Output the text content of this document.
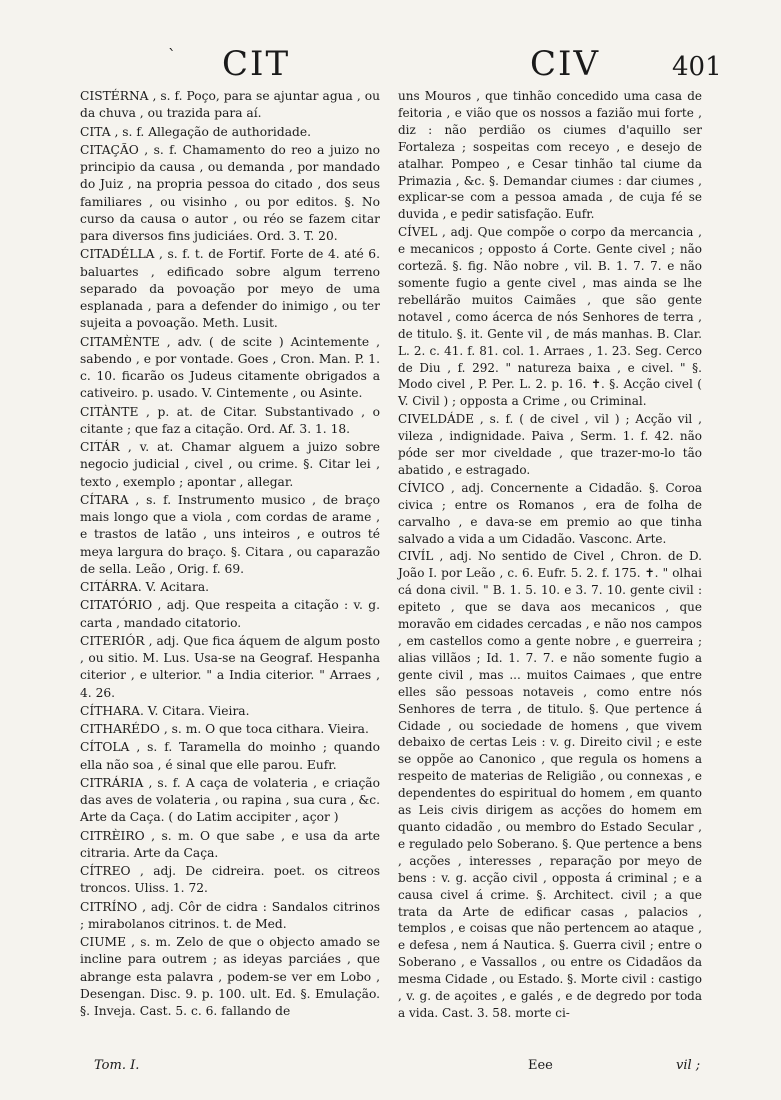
` CIT	CIV	401
CISTÉRNA , s. f. Poço, para se ajuntar agua , ou da chuva , ou trazida para aí.
CITA , s. f. Allegação de authoridade.
CITAÇÃO , s. f. Chamamento do reo a juizo no principio da causa , ou demanda , por mandado do Juiz , na propria pessoa do citado , dos seus familiares , ou visinho , ou por editos. §. No curso da causa o autor , ou réo se fazem citar para diversos fins judiciáes. Ord. 3. T. 20.
CITADÉLLA , s. f. t. de Fortif. Forte de 4. até 6. baluartes , edificado sobre algum terreno separado da povoação por meyo de uma esplanada , para a defender do inimigo , ou ter sujeita a povoação. Meth. Lusit.
CITAMÈNTE , adv. ( de scite ) Acintemente , sabendo , e por vontade. Goes , Cron. Man. P. 1. c. 10. ficarão os Judeus citamente obrigados a cativeiro. p. usado. V. Cintemente , ou Asinte.
CITÀNTE , p. at. de Citar. Substantivado , o citante ; que faz a citação. Ord. Af. 3. 1. 18.
CITÁR , v. at. Chamar alguem a juizo sobre negocio judicial , civel , ou crime. §. Citar lei , texto , exemplo ; apontar , allegar.
CÍTARA , s. f. Instrumento musico , de braço mais longo que a viola , com cordas de arame , e trastos de latão , uns inteiros , e outros té meya largura do braço. §. Citara , ou caparazão de sella. Leão , Orig. f. 69.
CITÁRRA. V. Acitara.
CITATÓRIO , adj. Que respeita a citação : v. g. carta , mandado citatorio.
CITERIÓR , adj. Que fica áquem de algum posto , ou sitio. M. Lus. Usa-se na Geograf. Hespanha citerior , e ulterior. " a India citerior. " Arraes , 4. 26.
CÍTHARA. V. Citara. Vieira.
CITHARÉDO , s. m. O que toca cithara. Vieira.
CÍTOLA , s. f. Taramella do moinho ; quando ella não soa , é sinal que elle parou. Eufr.
CITRÁRIA , s. f. A caça de volateria , e criação das aves de volateria , ou rapina , sua cura , &c. Arte da Caça. ( do Latim accipiter , açor )
CITRÈIRO , s. m. O que sabe , e usa da arte citraria. Arte da Caça.
CÍTREO , adj. De cidreira. poet. os citreos troncos. Uliss. 1. 72.
CITRÍNO , adj. Côr de cidra : Sandalos citrinos ; mirabolanos citrinos. t. de Med.
CIUME , s. m. Zelo de que o objecto amado se incline para outrem ; as ideyas parciáes , que abrange esta palavra , podem-se ver em Lobo , Desengan. Disc. 9. p. 100. ult. Ed. §. Emulação. §. Inveja. Cast. 5. c. 6. fallando de
uns Mouros , que tinhão concedido uma casa de feitoria , e vião que os nossos a fazião mui forte , diz : não perdião os ciumes d'aquillo ser Fortaleza ; sospeitas com receyo , e desejo de atalhar. Pompeo , e Cesar tinhão tal ciume da Primazia , &c. §. Demandar ciumes : dar ciumes , explicar-se com a pessoa amada , de cuja fé se duvida , e pedir satisfação. Eufr.
CÍVEL , adj. Que compõe o corpo da mercancia , e mecanicos ; opposto á Corte. Gente civel ; não cortezã. §. fig. Não nobre , vil. B. 1. 7. 7. e não somente fugio a gente civel , mas ainda se lhe rebellárão muitos Caimães , que são gente notavel , como ácerca de nós Senhores de terra , de titulo. §. it. Gente vil , de más manhas. B. Clar. L. 2. c. 41. f. 81. col. 1. Arraes , 1. 23. Seg. Cerco de Diu , f. 292. " natureza baixa , e civel. " §. Modo civel , P. Per. L. 2. p. 16. ✝. §. Acção civel ( V. Civil ) ; opposta a Crime , ou Criminal.
CIVELDÁDE , s. f. ( de civel , vil ) ; Acção vil , vileza , indignidade. Paiva , Serm. 1. f. 42. não póde ser mor civeldade , que trazer-mo-lo tão abatido , e estragado.
CÍVICO , adj. Concernente a Cidadão. §. Coroa civica ; entre os Romanos , era de folha de carvalho , e dava-se em premio ao que tinha salvado a vida a um Cidadão. Vasconc. Arte.
CIVÍL , adj. No sentido de Civel , Chron. de D. João I. por Leão , c. 6. Eufr. 5. 2. f. 175. ✝. " olhai cá dona civil. " B. 1. 5. 10. e 3. 7. 10. gente civil : epiteto , que se dava aos mecanicos , que moravão em cidades cercadas , e não nos campos , em castellos como a gente nobre , e guerreira ; alias villãos ; Id. 1. 7. 7. e não somente fugio a gente civil , mas ... muitos Caimaes , que entre elles são pessoas notaveis , como entre nós Senhores de terra , de titulo. §. Que pertence á Cidade , ou sociedade de homens , que vivem debaixo de certas Leis : v. g. Direito civil ; e este se oppõe ao Canonico , que regula os homens a respeito de materias de Religião , ou connexas , e dependentes do espiritual do homem , em quanto as Leis civis dirigem as acções do homem em quanto cidadão , ou membro do Estado Secular , e regulado pelo Soberano. §. Que pertence a bens , acções , interesses , reparação por meyo de bens : v. g. acção civil , opposta á criminal ; e a causa civel á crime. §. Architect. civil ; a que trata da Arte de edificar casas , palacios , templos , e coisas que não pertencem ao ataque , e defesa , nem á Nautica. §. Guerra civil ; entre o Soberano , e Vassallos , ou entre os Cidadãos da mesma Cidade , ou Estado. §. Morte civil : castigo , v. g. de açoites , e galés , e de degredo por toda a vida. Cast. 3. 58. morte ci-
Tom. I.	Eee	vil ;
